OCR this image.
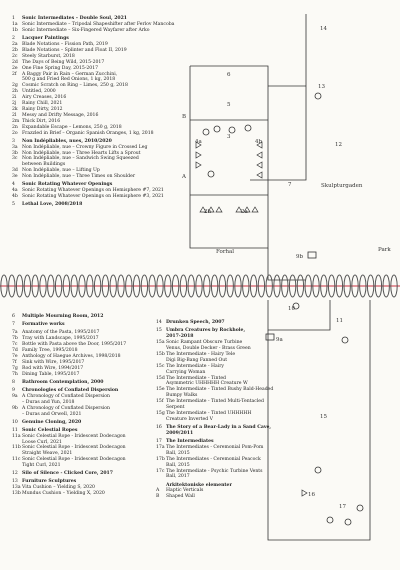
1	Sonic Intermediates – Double Soul, 2021
1a Sonic Intermediate – Tripodal Shapeshifter after Ferlov Mancoba
1b Sonic Intermediate – Six-Fingered Wayfarer after Arko
2	Lacquer Paintings
2a Blade Notations – Fission Path, 2019
2b Blade Notations – Splinter and Float II, 2019
2c Steely Starburst, 2018
2d The Days of Being Wild, 2015-2017
2e One Fine Spring Day, 2015-2017
2f	A Baggy Pair in Rain – German Zucchini,
500 g and Fried Red Onions, 1 kg, 2018
2g Cosmic Scratch on Ring – Limes, 250 g, 2018
2h Untitled, 2000
2i	Airy Creases, 2016
2j	Rainy Chill, 2021
2k Rainy Dirty, 2012
2l	Messy and Drifty Message, 2016
2m Thick Dirt, 2016
2n Expandable Escape – Lemons, 250 g, 2018
2o Frazzled in Brief – Organic Spanish Oranges, 1 kg, 2018
3	Non Indépliables, nues, 2010/2020
3a Non Indépliable, nue – Crowny Figure in Crossed Leg
3b Non Indépliable, nue – Three Hearts Lifts a Sprout
3c Non Indépliable, nue – Sandwich Swing Squeezed
between Buildings
3d Non Indépliable, nue – Lifting Up
3e Non Indépliable, nue – Three Times on Shoulder
4	Sonic Rotating Whatever Openings
4a Sonic Rotating Whatever Openings on Hemisphere #7, 2021
4b Sonic Rotating Whatever Openings on Hemisphere #3, 2021
5	Lethal Love, 2008/2018
6	Multiple Mourning Room, 2012
7	Formative works
7a Anatomy of the Pasta, 1995/2017
7b Tray with Landscape, 1995/2017
7c Bottle with Pasta above the Door, 1995/2017
7d Family Tree, 1995/2018
7e Anthology of Haegue Archives, 1998/2018
7f	Sink with Wire, 1995/2017
7g Rod with Wire, 1994/2017
7h Dining Table, 1995/2017
8	Bathroom Contemplation, 2000
9	Chronologies of Conflated Dispersion
9a A Chronology of Conflated Dispersion
– Duras and Yun, 2018
9b A Chronology of Conflated Dispersion
– Duras and Orwell, 2021
10 Genuine Cloning, 2020
11 Sonic Celestial Ropes
11a Sonic Celestial Rope - Iridescent Dodecagon
Loose Curl, 2021
11b Sonic Celestial Rope - Iridescent Dodecagon
Straight Weave, 2021
11c Sonic Celestial Rope - Iridescent Dodecagon
Tight Curl, 2021
12 Silo of Silence - Clicked Core, 2017
13 Furniture Sculptures
13a Vita Cushion – Yielding S, 2020
13b Mundus Cushion – Yielding X, 2020
14 Drunken Speech, 2007
15 Umbra Creatures by Rockhole,
2017-2018
15a Sonic Rampant Obscure Turbine
Venus, Double Decker - Brass Green
15b The Intermediate - Hairy Tele
Digi Big-Bang Fanned Out
15c The Intermediate - Hairy
Carrying Woman
15d The Intermediate - Tinted
Asymmetric UHHHHH Creature W
15e The Intermediate - Tinted Bushy Bald-Headed
Bumpy Walks
15f The Intermediate - Tinted Multi-Tentacled
Serpent
15g The Intermediate - Tinted UHHHHH
Creature Inverted V
16 The Story of a Bear-Lady in a Sand Cave,
2009/2011
17 The Intermediates
17a The Intermediates - Ceremonial Pom-Pom
Ball, 2015
17b The Intermediates - Ceremonial Peacock
Ball, 2015
17c The Intermediate - Psychic Turbine Vents
Ball, 2017
Arkitektoniske elementer
A	Haptic Verticals
B	Shaped Wall
14
13
12
7
6
5
3
4a	4b
2h	2a
A
B
Forhal
Skulpturgaden
Park
9b
9a
10
11
15
16
17
